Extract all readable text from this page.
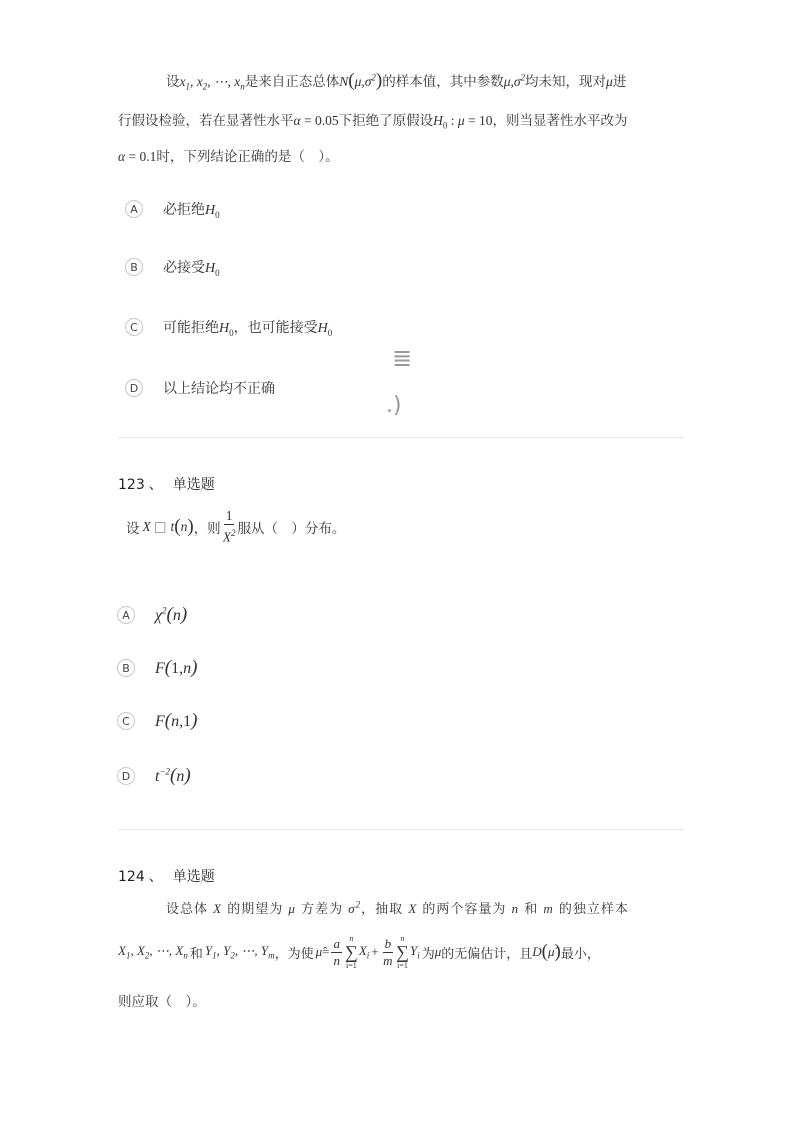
设$x_1$, $x_2$, ⋯, $x_n$是来自正态总体$N(\mu,\sigma^2)$的样本值，其中参数$\mu,\sigma^2$均未知，现对μ进
行假设检验，若在显著性水平α = 0.05下拒绝了原假设$H_0$ : μ = 10，则当显著性水平改为
α = 0.1时，下列结论正确的是（　）。
A	必拒绝$H_0$
B	必接受$H_0$
C	可能拒绝$H_0$，也可能接受$H_0$
D	以上结论均不正确
≣
.)
123 、 单选题
设 X □ t ( n ) ，则 $\frac{1}{X^2}$ 服从（　）分布。
A	$\chi^2(n)$
B	F(1,n)
C	F(n,1)
D $t^{-2}(n)$
124 、 单选题
设总体 X 的期望为 μ 方差为 $\sigma^2$，抽取 X 的两个容量为 n 和 m 的独立样本
$X_1$, $X_2$, ⋯, $X_n$ 和 $Y_1$, $Y_2$, ⋯, $Y_m$ ，为使 μ̂ = $\frac{a}{n}$ n
∑
i=1
$X_i + \frac{b}{m}$ n
∑
i=1
$Y_i$ 为 μ 的无偏估计，且 D ( μ̂ ) 最小，
则应取（　）。
